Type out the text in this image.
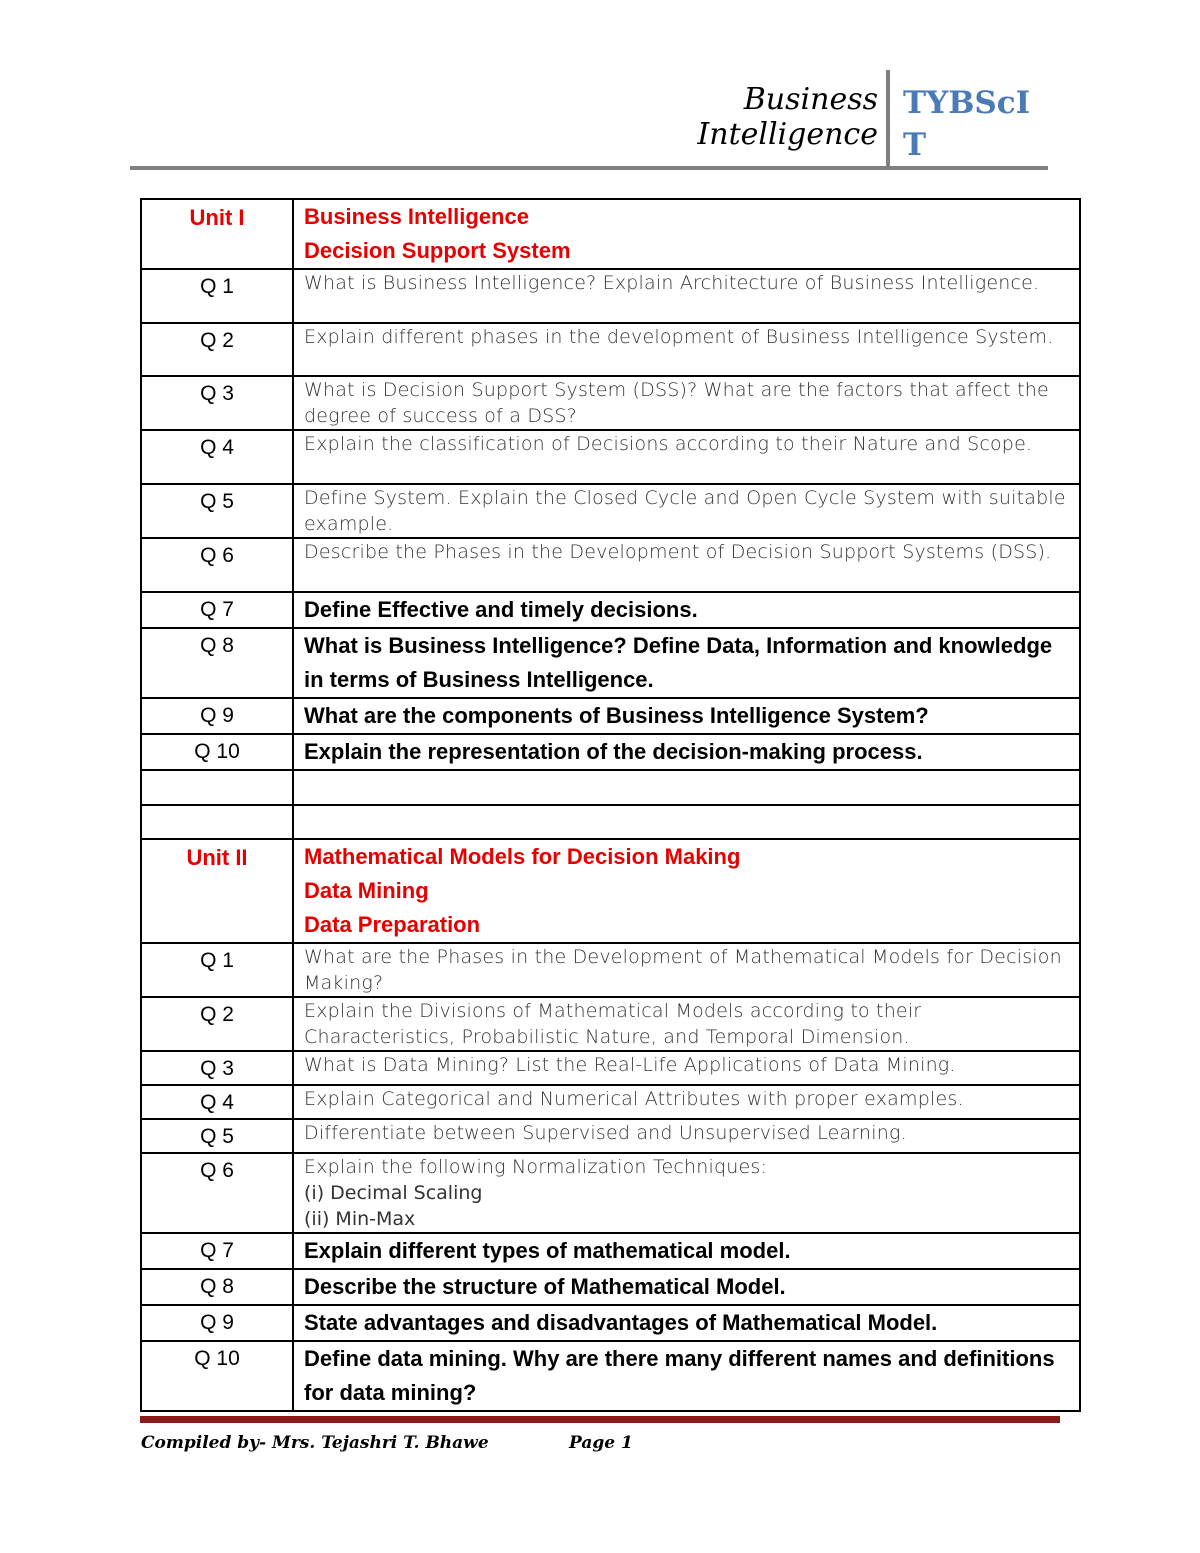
Business Intelligence
TYBScIT
Unit I	Business Intelligence
Decision Support System

Q 1	What is Business Intelligence? Explain Architecture of Business Intelligence.

Q 2	Explain different phases in the development of Business Intelligence System.

Q 3	What is Decision Support System (DSS)? What are the factors that affect the degree of success of a DSS?

Q 4	Explain the classification of Decisions according to their Nature and Scope.

Q 5	Define System. Explain the Closed Cycle and Open Cycle System with suitable example.

Q 6	Describe the Phases in the Development of Decision Support Systems (DSS).

Q 7	Define Effective and timely decisions.

Q 8	What is Business Intelligence? Define Data, Information and knowledge in terms of Business Intelligence.

Q 9	What are the components of Business Intelligence System?

Q 10	Explain the representation of the decision-making process.

Unit II	Mathematical Models for Decision Making
Data Mining
Data Preparation

Q 1	What are the Phases in the Development of Mathematical Models for Decision Making?

Q 2	Explain the Divisions of Mathematical Models according to their Characteristics, Probabilistic Nature, and Temporal Dimension.

Q 3	What is Data Mining? List the Real-Life Applications of Data Mining.

Q 4	Explain Categorical and Numerical Attributes with proper examples.

Q 5	Differentiate between Supervised and Unsupervised Learning.

Q 6	Explain the following Normalization Techniques:
(i) Decimal Scaling
(ii) Min-Max

Q 7	Explain different types of mathematical model.

Q 8	Describe the structure of Mathematical Model.

Q 9	State advantages and disadvantages of Mathematical Model.

Q 10	Define data mining. Why are there many different names and definitions for data mining?
Compiled by- Mrs. Tejashri T. Bhawe	Page 1
